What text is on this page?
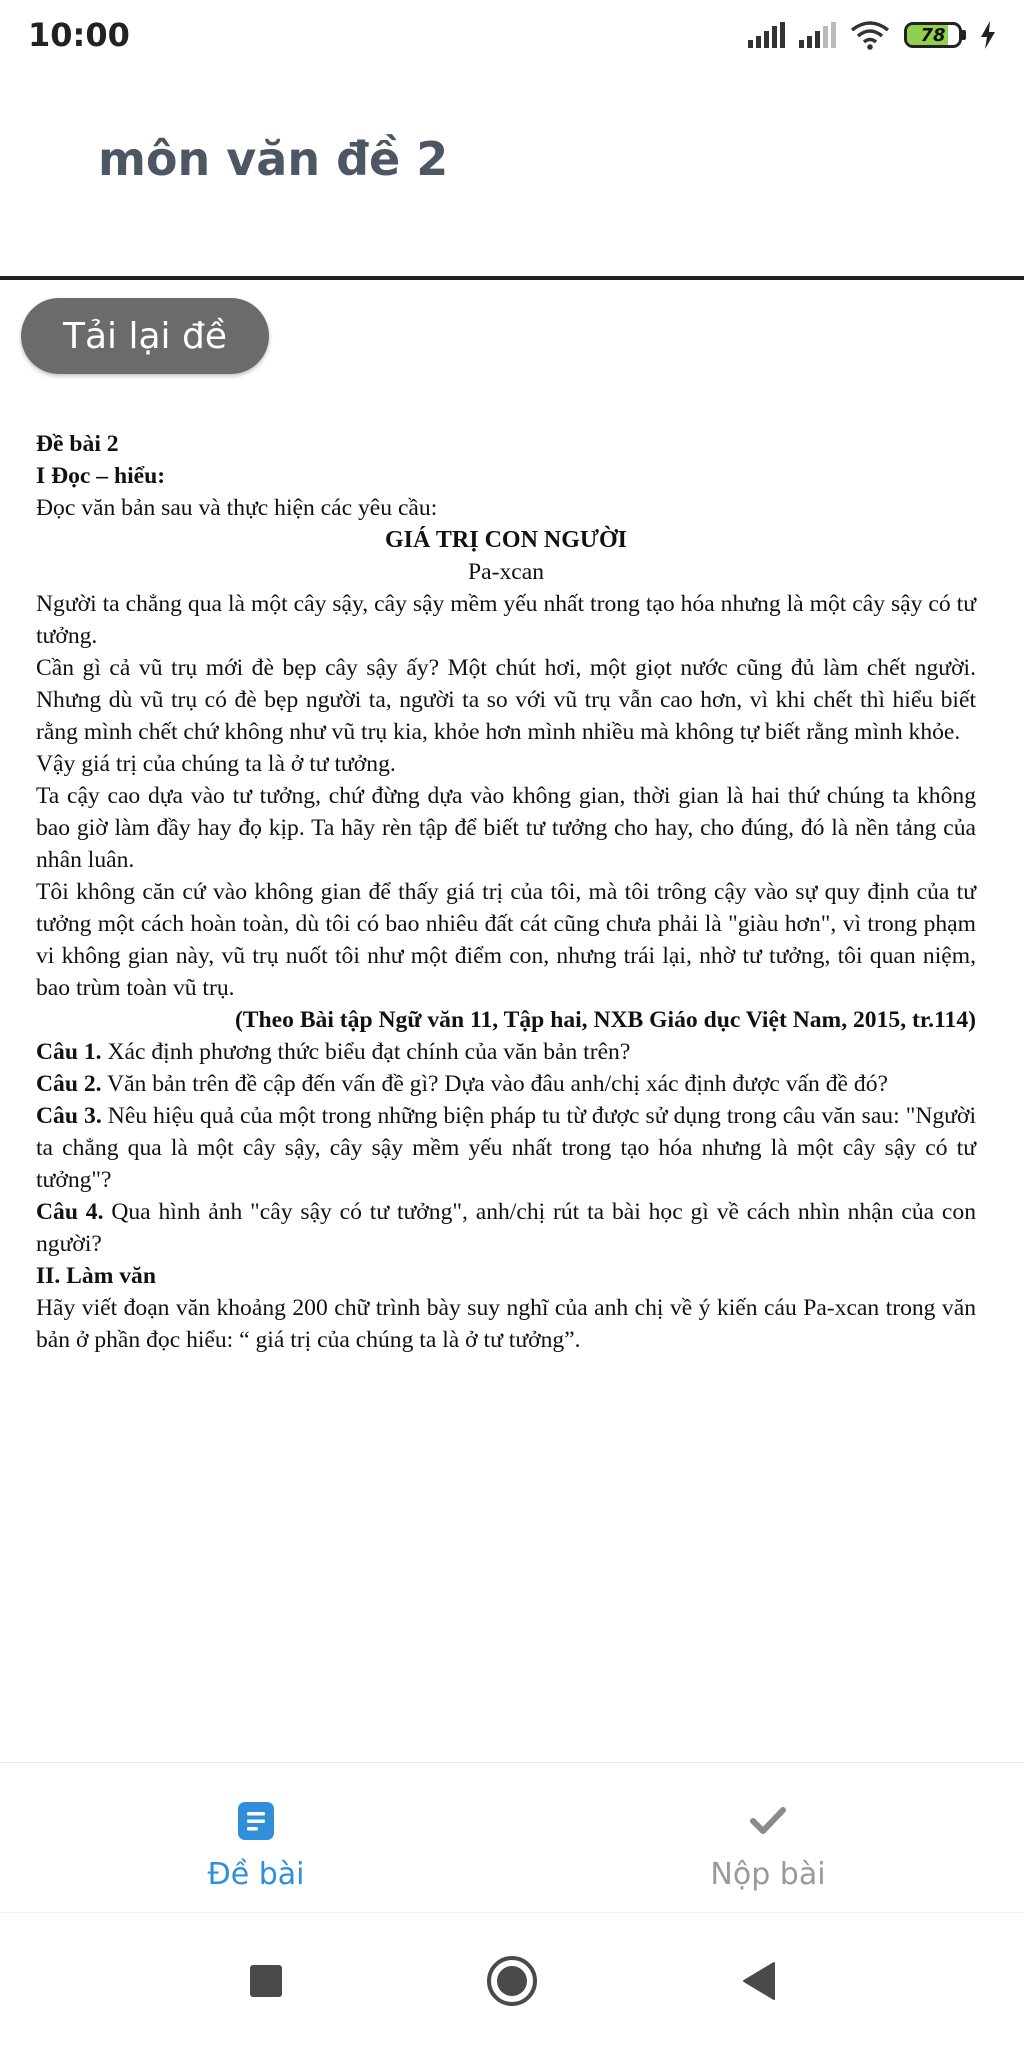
10:00	78
môn văn đề 2
Tải lại đề

Đề bài 2

I Đọc – hiểu:

Đọc văn bản sau và thực hiện các yêu cầu:

GIÁ TRỊ CON NGƯỜI

Pa-xcan

Người ta chẳng qua là một cây sậy, cây sậy mềm yếu nhất trong tạo hóa nhưng là một cây sậy có tư tưởng.

Cần gì cả vũ trụ mới đè bẹp cây sậy ấy? Một chút hơi, một giọt nước cũng đủ làm chết người. Nhưng dù vũ trụ có đè bẹp người ta, người ta so với vũ trụ vẫn cao hơn, vì khi chết thì hiểu biết rằng mình chết chứ không như vũ trụ kia, khỏe hơn mình nhiều mà không tự biết rằng mình khỏe.

Vậy giá trị của chúng ta là ở tư tưởng.

Ta cậy cao dựa vào tư tưởng, chứ đừng dựa vào không gian, thời gian là hai thứ chúng ta không bao giờ làm đầy hay đọ kịp. Ta hãy rèn tập để biết tư tưởng cho hay, cho đúng, đó là nền tảng của nhân luân.

Tôi không căn cứ vào không gian để thấy giá trị của tôi, mà tôi trông cậy vào sự quy định của tư tưởng một cách hoàn toàn, dù tôi có bao nhiêu đất cát cũng chưa phải là "giàu hơn", vì trong phạm vi không gian này, vũ trụ nuốt tôi như một điểm con, nhưng trái lại, nhờ tư tưởng, tôi quan niệm, bao trùm toàn vũ trụ.

(Theo Bài tập Ngữ văn 11, Tập hai, NXB Giáo dục Việt Nam, 2015, tr.114)

Câu 1. Xác định phương thức biểu đạt chính của văn bản trên?

Câu 2. Văn bản trên đề cập đến vấn đề gì? Dựa vào đâu anh/chị xác định được vấn đề đó?

Câu 3. Nêu hiệu quả của một trong những biện pháp tu từ được sử dụng trong câu văn sau: "Người ta chẳng qua là một cây sậy, cây sậy mềm yếu nhất trong tạo hóa nhưng là một cây sậy có tư tưởng"?

Câu 4. Qua hình ảnh "cây sậy có tư tưởng", anh/chị rút ta bài học gì về cách nhìn nhận của con người?

II. Làm văn

Hãy viết đoạn văn khoảng 200 chữ trình bày suy nghĩ của anh chị về ý kiến cáu Pa-xcan trong văn bản ở phần đọc hiểu: “ giá trị của chúng ta là ở tư tưởng”.

Đề bài	Nộp bài
